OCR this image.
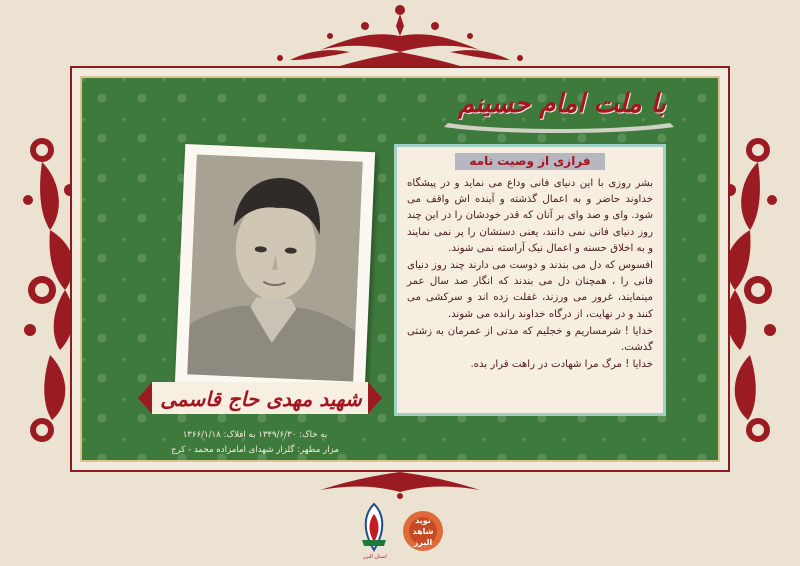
با ملت امام حسینم
فرازی از وصیت نامه

بشر روزی با این دنیای فانی وداع می نماید و در پیشگاه خداوند حاضر و به اعمال گذشته و آینده اش واقف می شود. وای و صد وای بر آنان که قدر خودشان را در این چند روز دنیای فانی نمی دانند، یعنی دستشان را پر نمی نمایند و به اخلاق حسنه و اعمال نیک آراسته نمی شوند.

افسوس که دل می بندند و دوست می دارند چند روز دنیای فانی را ، همچنان دل می بندند که انگار صد سال عمر مینمایند، غرور می ورزند، غفلت زده اند و سرکشی می کنند و در نهایت، از درگاه خداوند رانده می شوند.

خدایا ! شرمساریم و خجلیم که مدتی از عمرمان به زشتی گذشت.

خدایا ! مرگ مرا شهادت در راهت قرار بده.

شهید مهدی حاج قاسمی
به خاک: ۱۳۴۹/۶/۳۰ به افلاک: ۱۳۶۶/۱/۱۸
مزار مطهر: گلزار شهدای امامزاده محمد - کرج
استان البرز
نوید شاهد البرز
